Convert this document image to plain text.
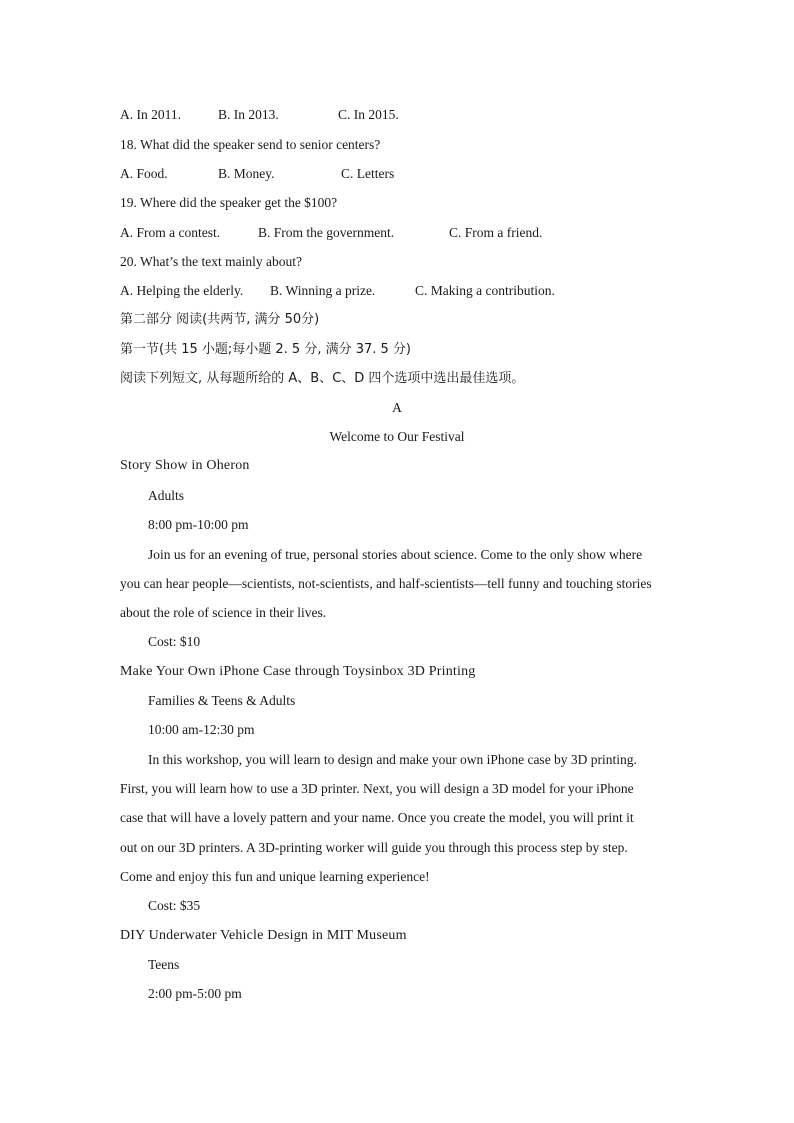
A. In 2011.	B. In 2013.	C. In 2015.
18. What did the speaker send to senior centers?
A. Food.	B. Money.	C. Letters
19. Where did the speaker get the $100?
A. From a contest.	B. From the government.	C. From a friend.
20. What’s the text mainly about?
A. Helping the elderly. B. Winning a prize.	C. Making a contribution.
第二部分 阅读(共两节, 满分 50分)
第一节(共 15 小题;每小题 2. 5 分, 满分 37. 5 分)
阅读下列短文, 从每题所给的 A、B、C、D 四个选项中选出最佳选项。
A
Welcome to Our Festival
Story Show in Oheron
Adults
8:00 pm-10:00 pm
Join us for an evening of true, personal stories about science. Come to the only show where
you can hear people—scientists, not-scientists, and half-scientists—tell funny and touching stories
about the role of science in their lives.
Cost: $10
Make Your Own iPhone Case through Toysinbox 3D Printing
Families & Teens & Adults
10:00 am-12:30 pm
In this workshop, you will learn to design and make your own iPhone case by 3D printing.
First, you will learn how to use a 3D printer. Next, you will design a 3D model for your iPhone
case that will have a lovely pattern and your name. Once you create the model, you will print it
out on our 3D printers. A 3D-printing worker will guide you through this process step by step.
Come and enjoy this fun and unique learning experience!
Cost: $35
DIY Underwater Vehicle Design in MIT Museum
Teens
2:00 pm-5:00 pm
